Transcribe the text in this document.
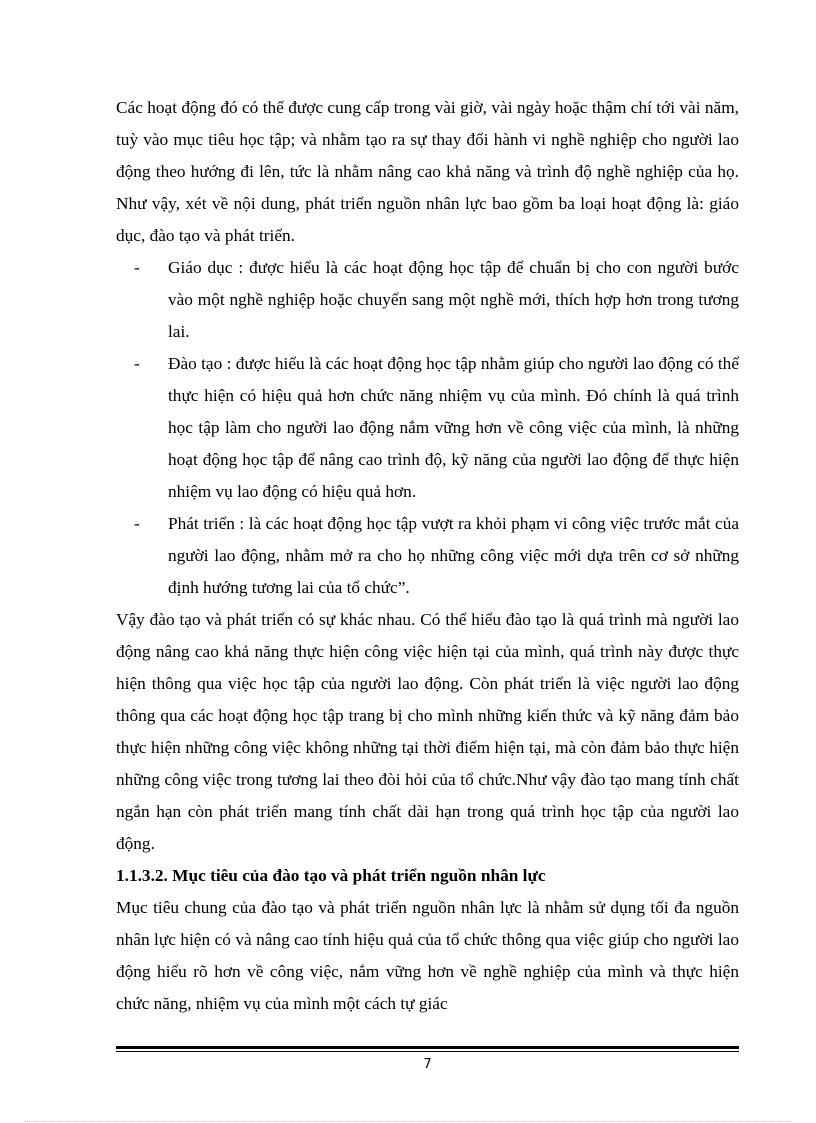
Các hoạt động đó có thể được cung cấp trong vài giờ, vài ngày hoặc thậm chí tới vài năm, tuỳ vào mục tiêu học tập; và nhằm tạo ra sự thay đổi hành vi nghề nghiệp cho người lao động theo hướng đi lên, tức là nhằm nâng cao khả năng và trình độ nghề nghiệp của họ. Như vậy, xét về nội dung, phát triển nguồn nhân lực bao gồm ba loại hoạt động là: giáo dục, đào tạo và phát triển.

-	Giáo dục : được hiểu là các hoạt động học tập để chuẩn bị cho con người bước vào một nghề nghiệp hoặc chuyển sang một nghề mới, thích hợp hơn trong tương lai.
-	Đào tạo : được hiểu là các hoạt động học tập nhằm giúp cho người lao động có thể thực hiện có hiệu quả hơn chức năng nhiệm vụ của mình. Đó chính là quá trình học tập làm cho người lao động nắm vững hơn về công việc của mình, là những hoạt động học tập để nâng cao trình độ, kỹ năng của người lao động để thực hiện nhiệm vụ lao động có hiệu quả hơn.
-	Phát triển : là các hoạt động học tập vượt ra khỏi phạm vi công việc trước mắt của người lao động, nhằm mở ra cho họ những công việc mới dựa trên cơ sở những định hướng tương lai của tổ chức”.

Vậy đào tạo và phát triển có sự khác nhau. Có thể hiểu đào tạo là quá trình mà người lao động nâng cao khả năng thực hiện công việc hiện tại của mình, quá trình này được thực hiện thông qua việc học tập của người lao động. Còn phát triển là việc người lao động thông qua các hoạt động học tập trang bị cho mình những kiến thức và kỹ năng đảm bảo thực hiện những công việc không những tại thời điểm hiện tại, mà còn đảm bảo thực hiện những công việc trong tương lai theo đòi hỏi của tổ chức.Như vậy đào tạo mang tính chất ngắn hạn còn phát triển mang tính chất dài hạn trong quá trình học tập của người lao động.

1.1.3.2. Mục tiêu của đào tạo và phát triển nguồn nhân lực

Mục tiêu chung của đào tạo và phát triển nguồn nhân lực là nhằm sử dụng tối đa nguồn nhân lực hiện có và nâng cao tính hiệu quả của tổ chức thông qua việc giúp cho người lao động hiểu rõ hơn về công việc, nắm vững hơn về nghề nghiệp của mình và thực hiện chức năng, nhiệm vụ của mình một cách tự giác

7
